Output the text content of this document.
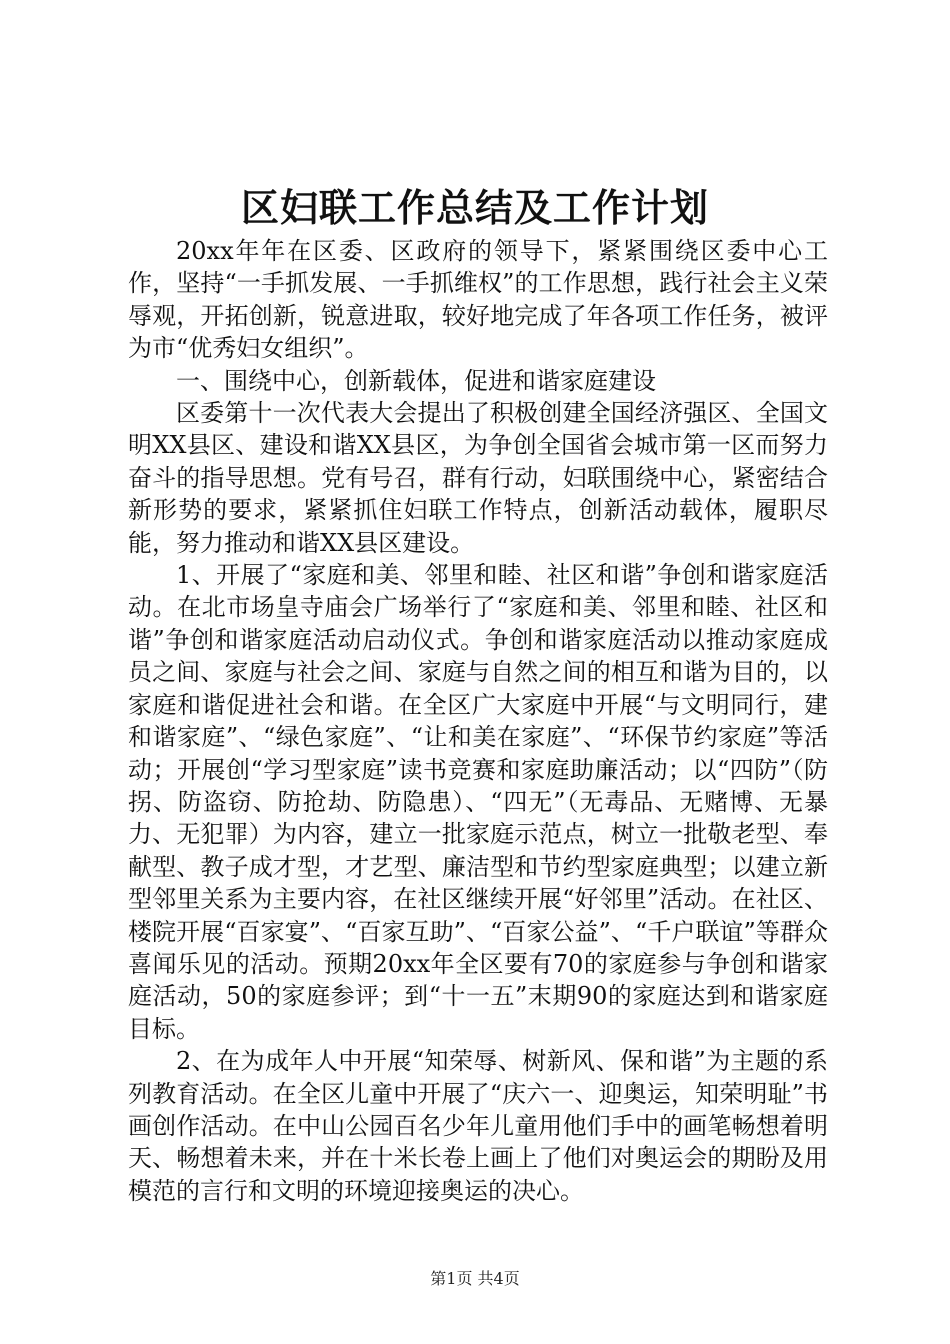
区妇联工作总结及工作计划

20xx年年在区委、区政府的领导下，紧紧围绕区委中心工作，坚持“一手抓发展、一手抓维权”的工作思想，践行社会主义荣辱观，开拓创新，锐意进取，较好地完成了年各项工作任务，被评为市“优秀妇女组织”。

一、围绕中心，创新载体，促进和谐家庭建设

区委第十一次代表大会提出了积极创建全国经济强区、全国文明XX县区、建设和谐XX县区，为争创全国省会城市第一区而努力奋斗的指导思想。党有号召，群有行动，妇联围绕中心，紧密结合新形势的要求，紧紧抓住妇联工作特点，创新活动载体，履职尽能，努力推动和谐XX县区建设。

1、开展了“家庭和美、邻里和睦、社区和谐”争创和谐家庭活动。在北市场皇寺庙会广场举行了“家庭和美、邻里和睦、社区和谐”争创和谐家庭活动启动仪式。争创和谐家庭活动以推动家庭成员之间、家庭与社会之间、家庭与自然之间的相互和谐为目的，以家庭和谐促进社会和谐。在全区广大家庭中开展“与文明同行，建和谐家庭”、“绿色家庭”、“让和美在家庭”、“环保节约家庭”等活动；开展创“学习型家庭”读书竞赛和家庭助廉活动；以“四防”（防拐、防盗窃、防抢劫、防隐患）、“四无”（无毒品、无赌博、无暴力、无犯罪）为内容，建立一批家庭示范点，树立一批敬老型、奉献型、教子成才型，才艺型、廉洁型和节约型家庭典型；以建立新型邻里关系为主要内容，在社区继续开展“好邻里”活动。在社区、楼院开展“百家宴”、“百家互助”、“百家公益”、“千户联谊”等群众喜闻乐见的活动。预期20xx年全区要有70的家庭参与争创和谐家庭活动，50的家庭参评；到“十一五”末期90的家庭达到和谐家庭目标。

2、在为成年人中开展“知荣辱、树新风、保和谐”为主题的系列教育活动。在全区儿童中开展了“庆六一、迎奥运，知荣明耻”书画创作活动。在中山公园百名少年儿童用他们手中的画笔畅想着明天、畅想着未来，并在十米长卷上画上了他们对奥运会的期盼及用模范的言行和文明的环境迎接奥运的决心。

第1页 共4页
